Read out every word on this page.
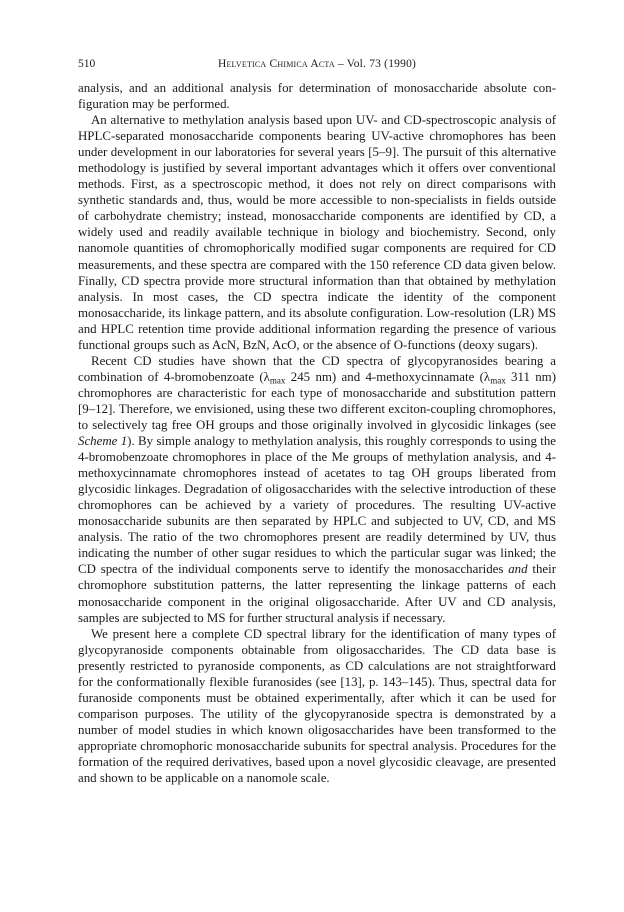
510	Helvetica Chimica Acta – Vol. 73 (1990)

analysis, and an additional analysis for determination of monosaccharide absolute configuration may be performed.

An alternative to methylation analysis based upon UV- and CD-spectroscopic analysis of HPLC-separated monosaccharide components bearing UV-active chromophores has been under development in our laboratories for several years [5–9]. The pursuit of this alternative methodology is justified by several important advantages which it offers over conventional methods. First, as a spectroscopic method, it does not rely on direct comparisons with synthetic standards and, thus, would be more accessible to non-specialists in fields outside of carbohydrate chemistry; instead, monosaccharide components are identified by CD, a widely used and readily available technique in biology and biochemistry. Second, only nanomole quantities of chromophorically modified sugar components are required for CD measurements, and these spectra are compared with the 150 reference CD data given below. Finally, CD spectra provide more structural information than that obtained by methylation analysis. In most cases, the CD spectra indicate the identity of the component monosaccharide, its linkage pattern, and its absolute configuration. Low-resolution (LR) MS and HPLC retention time provide additional information regarding the presence of various functional groups such as AcN, BzN, AcO, or the absence of O-functions (deoxy sugars).

Recent CD studies have shown that the CD spectra of glycopyranosides bearing a combination of 4-bromobenzoate ($\lambda_{max}$ 245 nm) and 4-methoxycinnamate ($\lambda_{max}$ 311 nm) chromophores are characteristic for each type of monosaccharide and substitution pattern [9–12]. Therefore, we envisioned, using these two different exciton-coupling chromophores, to selectively tag free OH groups and those originally involved in glycosidic linkages (see Scheme 1). By simple analogy to methylation analysis, this roughly corresponds to using the 4-bromobenzoate chromophores in place of the Me groups of methylation analysis, and 4-methoxycinnamate chromophores instead of acetates to tag OH groups liberated from glycosidic linkages. Degradation of oligosaccharides with the selective introduction of these chromophores can be achieved by a variety of procedures. The resulting UV-active monosaccharide subunits are then separated by HPLC and subjected to UV, CD, and MS analysis. The ratio of the two chromophores present are readily determined by UV, thus indicating the number of other sugar residues to which the particular sugar was linked; the CD spectra of the individual components serve to identify the monosaccharides and their chromophore substitution patterns, the latter representing the linkage patterns of each monosaccharide component in the original oligosaccharide. After UV and CD analysis, samples are subjected to MS for further structural analysis if necessary.

We present here a complete CD spectral library for the identification of many types of glycopyranoside components obtainable from oligosaccharides. The CD data base is presently restricted to pyranoside components, as CD calculations are not straightforward for the conformationally flexible furanosides (see [13], p. 143–145). Thus, spectral data for furanoside components must be obtained experimentally, after which it can be used for comparison purposes. The utility of the glycopyranoside spectra is demonstrated by a number of model studies in which known oligosaccharides have been transformed to the appropriate chromophoric monosaccharide subunits for spectral analysis. Procedures for the formation of the required derivatives, based upon a novel glycosidic cleavage, are presented and shown to be applicable on a nanomole scale.
